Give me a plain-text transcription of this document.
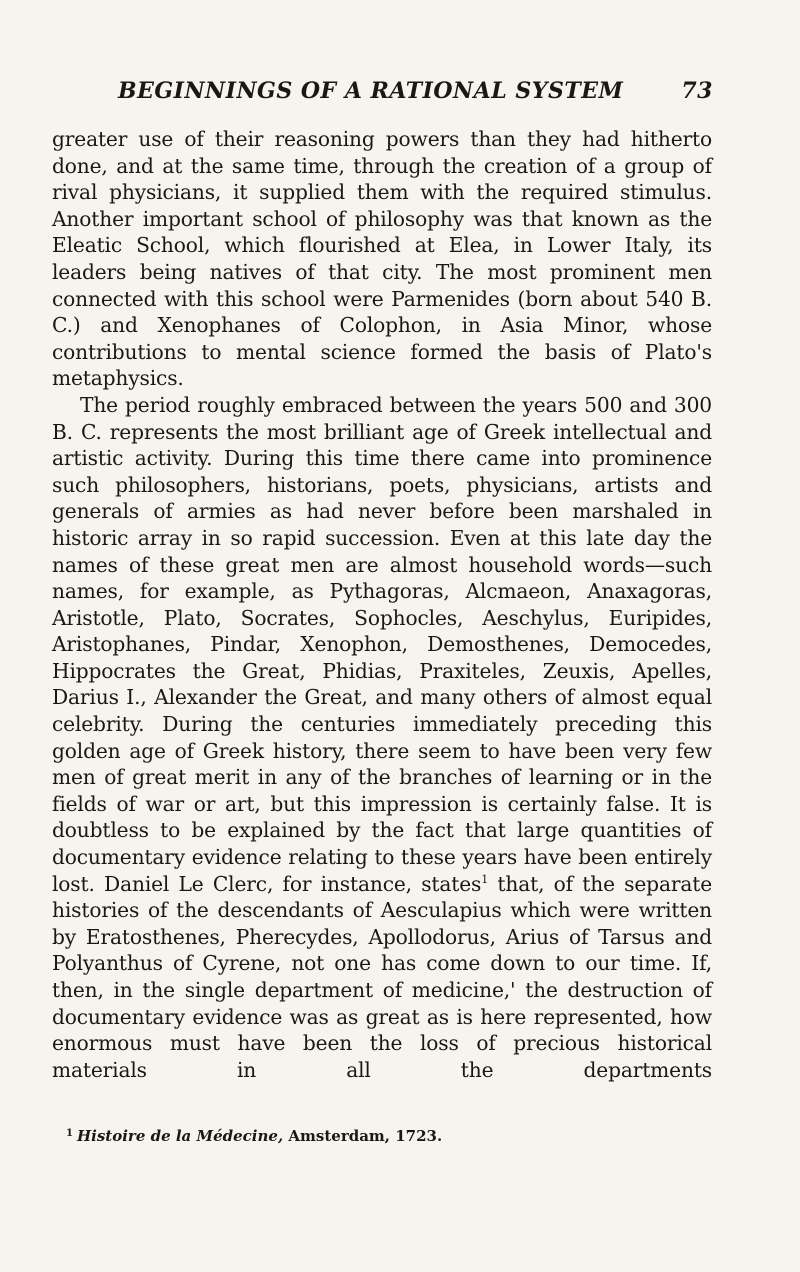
BEGINNINGS OF A RATIONAL SYSTEM	73

greater use of their reasoning powers than they had hitherto done, and at the same time, through the creation of a group of rival physicians, it supplied them with the required stimulus. Another important school of philosophy was that known as the Eleatic School, which flourished at Elea, in Lower Italy, its leaders being natives of that city. The most prominent men connected with this school were Parmenides (born about 540 B. C.) and Xenophanes of Colophon, in Asia Minor, whose contributions to mental science formed the basis of Plato's metaphysics.

The period roughly embraced between the years 500 and 300 B. C. represents the most brilliant age of Greek intellectual and artistic activity. During this time there came into prominence such philosophers, historians, poets, physicians, artists and generals of armies as had never before been marshaled in historic array in so rapid succession. Even at this late day the names of these great men are almost household words—such names, for example, as Pythagoras, Alcmaeon, Anaxagoras, Aristotle, Plato, Socrates, Sophocles, Aeschylus, Euripides, Aristophanes, Pindar, Xenophon, Demosthenes, Democedes, Hippocrates the Great, Phidias, Praxiteles, Zeuxis, Apelles, Darius I., Alexander the Great, and many others of almost equal celebrity. During the centuries immediately preceding this golden age of Greek history, there seem to have been very few men of great merit in any of the branches of learning or in the fields of war or art, but this impression is certainly false. It is doubtless to be explained by the fact that large quantities of documentary evidence relating to these years have been entirely lost. Daniel Le Clerc, for instance, states$^1$ that, of the separate histories of the descendants of Aesculapius which were written by Eratosthenes, Pherecydes, Apollodorus, Arius of Tarsus and Polyanthus of Cyrene, not one has come down to our time. If, then, in the single department of medicine,' the destruction of documentary evidence was as great as is here represented, how enormous must have been the loss of precious historical materials in all the departments

$^1$ Histoire de la Médecine, Amsterdam, 1723.
